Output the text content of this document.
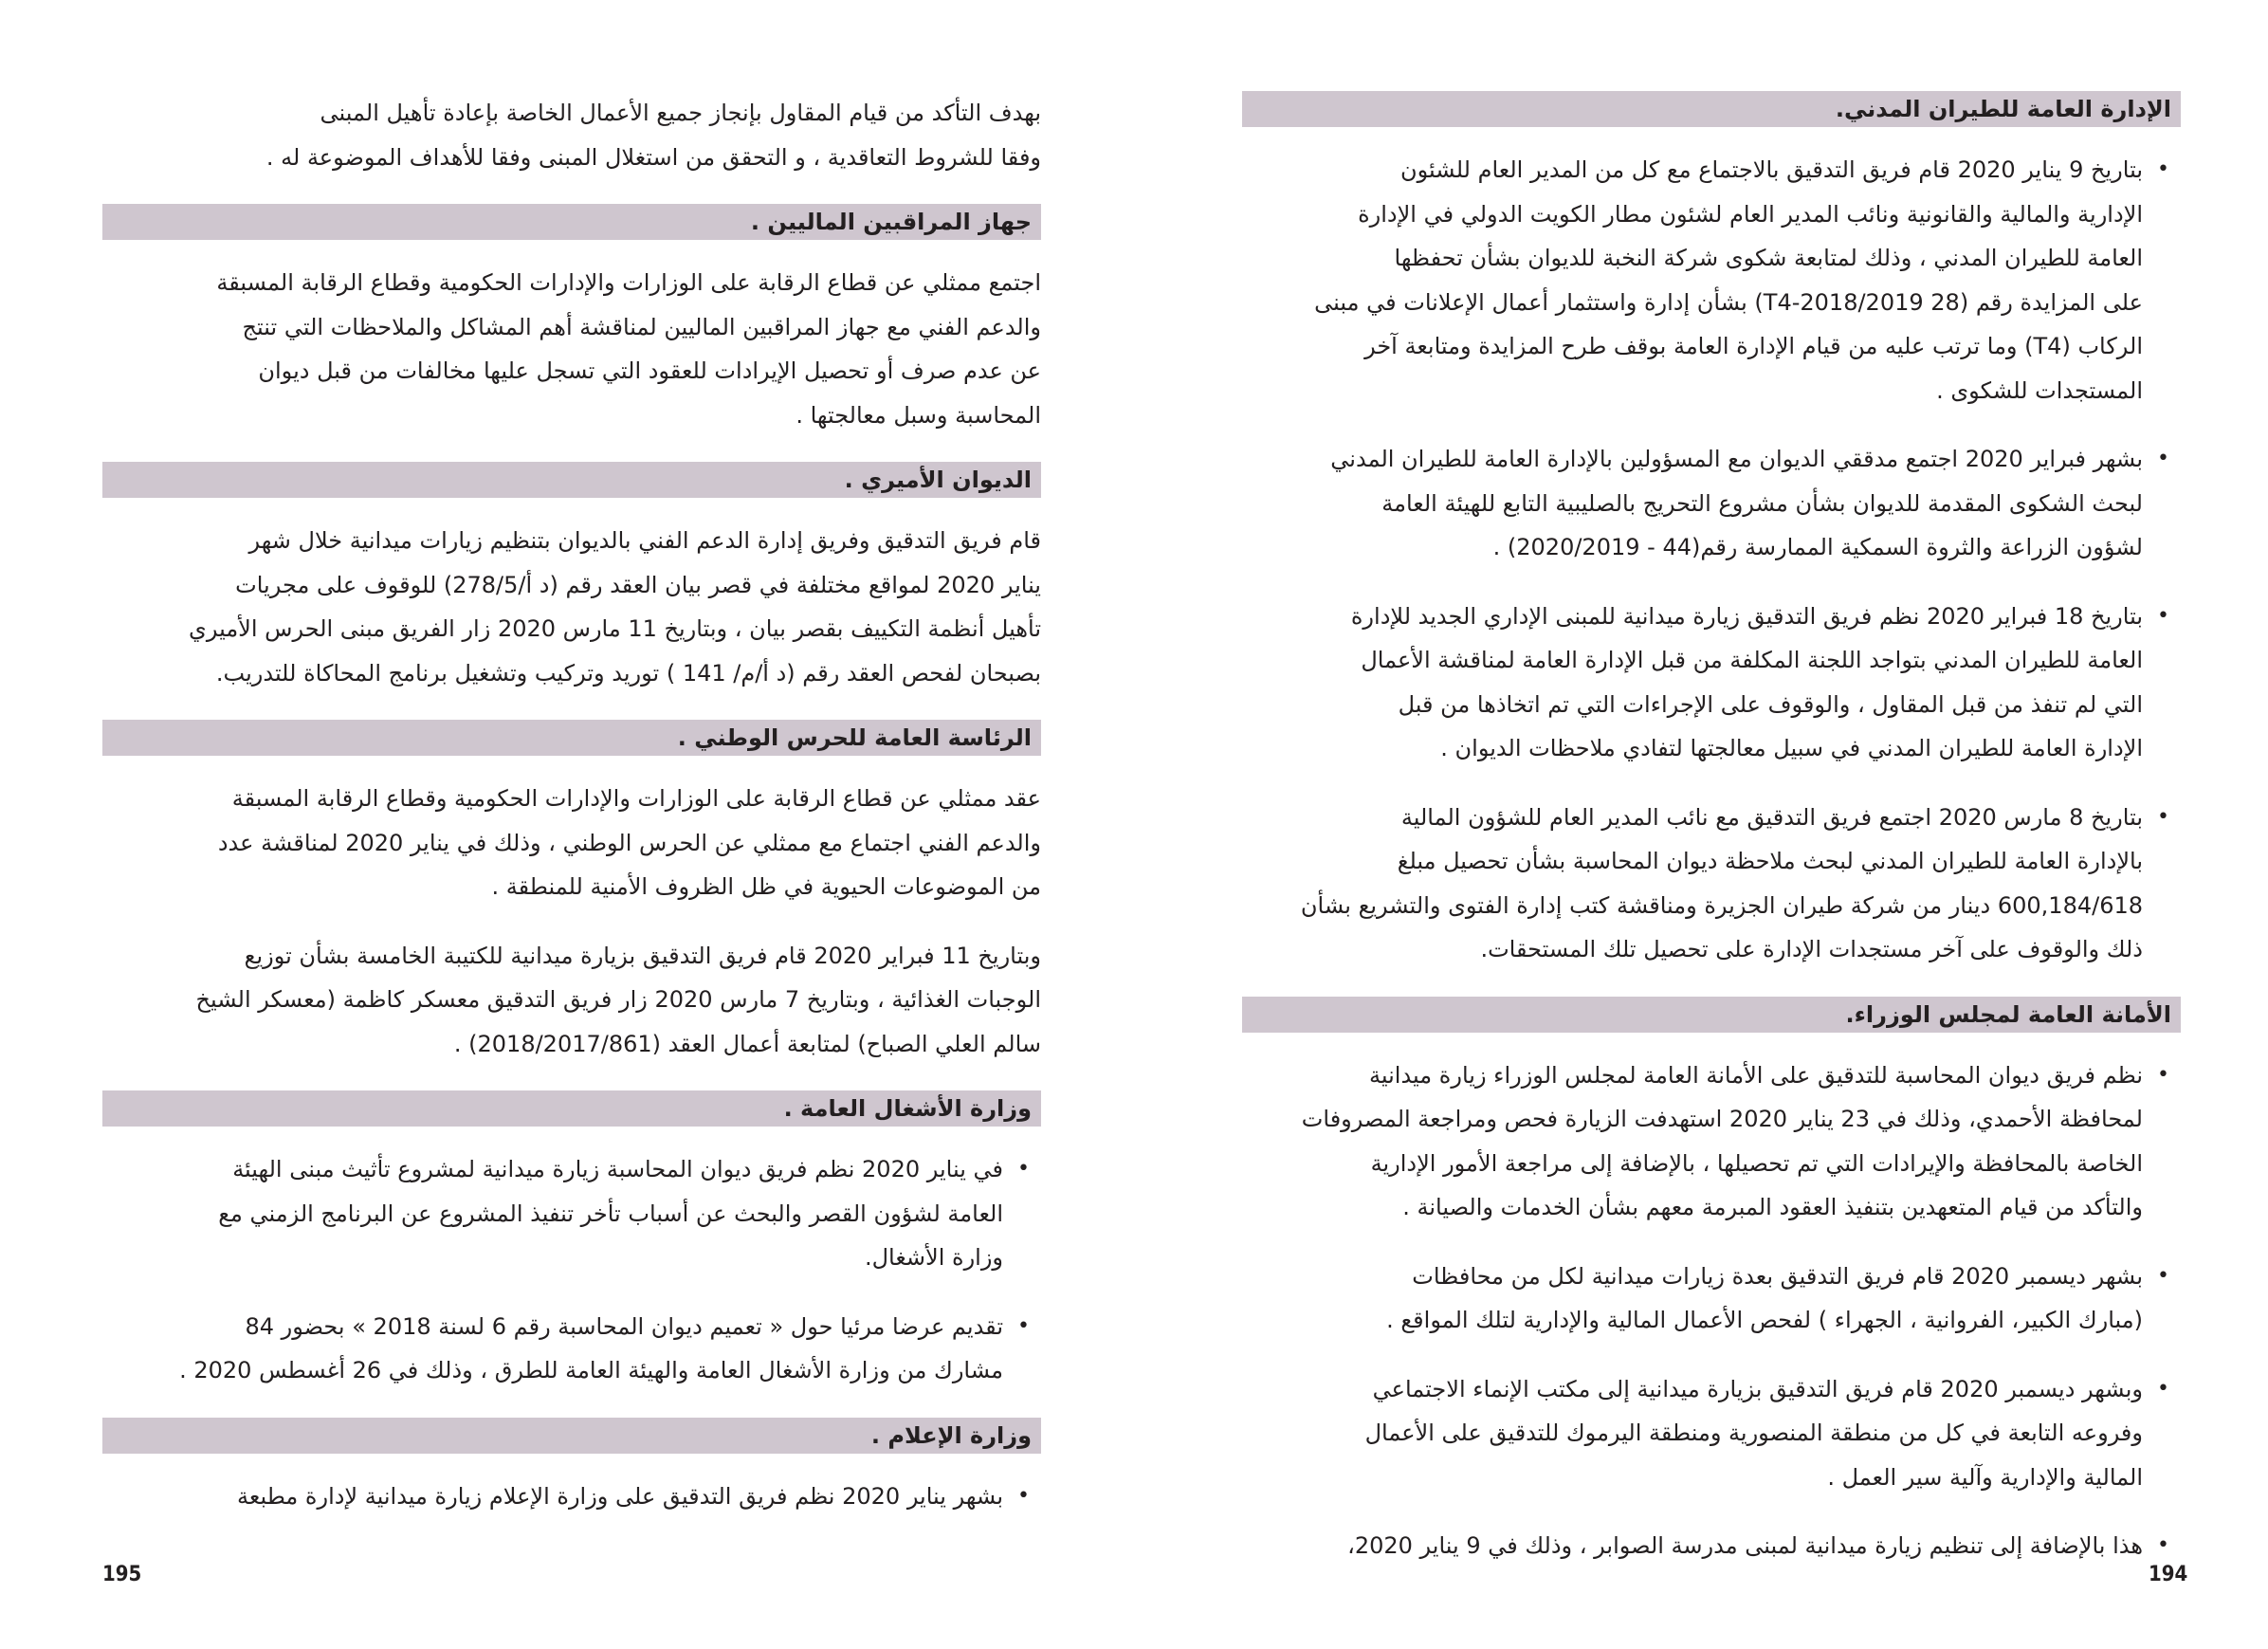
الإدارة العامة للطيران المدني.
• بتاريخ 9 يناير 2020 قام فريق التدقيق بالاجتماع مع كل من المدير العام للشئون
الإدارية والمالية والقانونية ونائب المدير العام لشئون مطار الكويت الدولي في الإدارة
العامة للطيران المدني ، وذلك لمتابعة شكوى شركة النخبة للديوان بشأن تحفظها
على المزايدة رقم (28 T4-2018/2019) بشأن إدارة واستثمار أعمال الإعلانات في مبنى
الركاب (T4) وما ترتب عليه من قيام الإدارة العامة بوقف طرح المزايدة ومتابعة آخر
المستجدات للشكوى .
• بشهر فبراير 2020 اجتمع مدققي الديوان مع المسؤولين بالإدارة العامة للطيران المدني
لبحث الشكوى المقدمة للديوان بشأن مشروع التحريج بالصليبية التابع للهيئة العامة
لشؤون الزراعة والثروة السمكية الممارسة رقم(44 - 2020/2019) .
• بتاريخ 18 فبراير 2020 نظم فريق التدقيق زيارة ميدانية للمبنى الإداري الجديد للإدارة
العامة للطيران المدني بتواجد اللجنة المكلفة من قبل الإدارة العامة لمناقشة الأعمال
التي لم تنفذ من قبل المقاول ، والوقوف على الإجراءات التي تم اتخاذها من قبل
الإدارة العامة للطيران المدني في سبيل معالجتها لتفادي ملاحظات الديوان .
• بتاريخ 8 مارس 2020 اجتمع فريق التدقيق مع نائب المدير العام للشؤون المالية
بالإدارة العامة للطيران المدني لبحث ملاحظة ديوان المحاسبة بشأن تحصيل مبلغ
600,184/618 دينار من شركة طيران الجزيرة ومناقشة كتب إدارة الفتوى والتشريع بشأن
ذلك والوقوف على آخر مستجدات الإدارة على تحصيل تلك المستحقات.
الأمانة العامة لمجلس الوزراء.
• نظم فريق ديوان المحاسبة للتدقيق على الأمانة العامة لمجلس الوزراء زيارة ميدانية
لمحافظة الأحمدي، وذلك في 23 يناير 2020 استهدفت الزيارة فحص ومراجعة المصروفات
الخاصة بالمحافظة والإيرادات التي تم تحصيلها ، بالإضافة إلى مراجعة الأمور الإدارية
والتأكد من قيام المتعهدين بتنفيذ العقود المبرمة معهم بشأن الخدمات والصيانة .
• بشهر ديسمبر 2020 قام فريق التدقيق بعدة زيارات ميدانية لكل من محافظات
(مبارك الكبير، الفروانية ، الجهراء ) لفحص الأعمال المالية والإدارية لتلك المواقع .
• وبشهر ديسمبر 2020 قام فريق التدقيق بزيارة ميدانية إلى مكتب الإنماء الاجتماعي
وفروعه التابعة في كل من منطقة المنصورية ومنطقة اليرموك للتدقيق على الأعمال
المالية والإدارية وآلية سير العمل .
• هذا بالإضافة إلى تنظيم زيارة ميدانية لمبنى مدرسة الصوابر ، وذلك في 9 يناير 2020،
بهدف التأكد من قيام المقاول بإنجاز جميع الأعمال الخاصة بإعادة تأهيل المبنى
وفقا للشروط التعاقدية ، و التحقق من استغلال المبنى وفقا للأهداف الموضوعة له .
جهاز المراقبين الماليين .
اجتمع ممثلي عن قطاع الرقابة على الوزارات والإدارات الحكومية وقطاع الرقابة المسبقة
والدعم الفني مع جهاز المراقبين الماليين لمناقشة أهم المشاكل والملاحظات التي تنتج
عن عدم صرف أو تحصيل الإيرادات للعقود التي تسجل عليها مخالفات من قبل ديوان
المحاسبة وسبل معالجتها .
الديوان الأميري .
قام فريق التدقيق وفريق إدارة الدعم الفني بالديوان بتنظيم زيارات ميدانية خلال شهر
يناير 2020 لمواقع مختلفة في قصر بيان العقد رقم (د أ/278/5) للوقوف على مجريات
تأهيل أنظمة التكييف بقصر بيان ، وبتاريخ 11 مارس 2020 زار الفريق مبنى الحرس الأميري
بصبحان لفحص العقد رقم (د أ/م/ 141 ) توريد وتركيب وتشغيل برنامج المحاكاة للتدريب.
الرئاسة العامة للحرس الوطني .
عقد ممثلي عن قطاع الرقابة على الوزارات والإدارات الحكومية وقطاع الرقابة المسبقة
والدعم الفني اجتماع مع ممثلي عن الحرس الوطني ، وذلك في يناير 2020 لمناقشة عدد
من الموضوعات الحيوية في ظل الظروف الأمنية للمنطقة .
وبتاريخ 11 فبراير 2020 قام فريق التدقيق بزيارة ميدانية للكتيبة الخامسة بشأن توزيع
الوجبات الغذائية ، وبتاريخ 7 مارس 2020 زار فريق التدقيق معسكر كاظمة (معسكر الشيخ
سالم العلي الصباح) لمتابعة أعمال العقد (2018/2017/861) .
وزارة الأشغال العامة .
• في يناير 2020 نظم فريق ديوان المحاسبة زيارة ميدانية لمشروع تأثيث مبنى الهيئة
العامة لشؤون القصر والبحث عن أسباب تأخر تنفيذ المشروع عن البرنامج الزمني مع
وزارة الأشغال.
• تقديم عرضا مرئيا حول « تعميم ديوان المحاسبة رقم 6 لسنة 2018 » بحضور 84
مشارك من وزارة الأشغال العامة والهيئة العامة للطرق ، وذلك في 26 أغسطس 2020 .
وزارة الإعلام .
• بشهر يناير 2020 نظم فريق التدقيق على وزارة الإعلام زيارة ميدانية لإدارة مطبعة
195	194
